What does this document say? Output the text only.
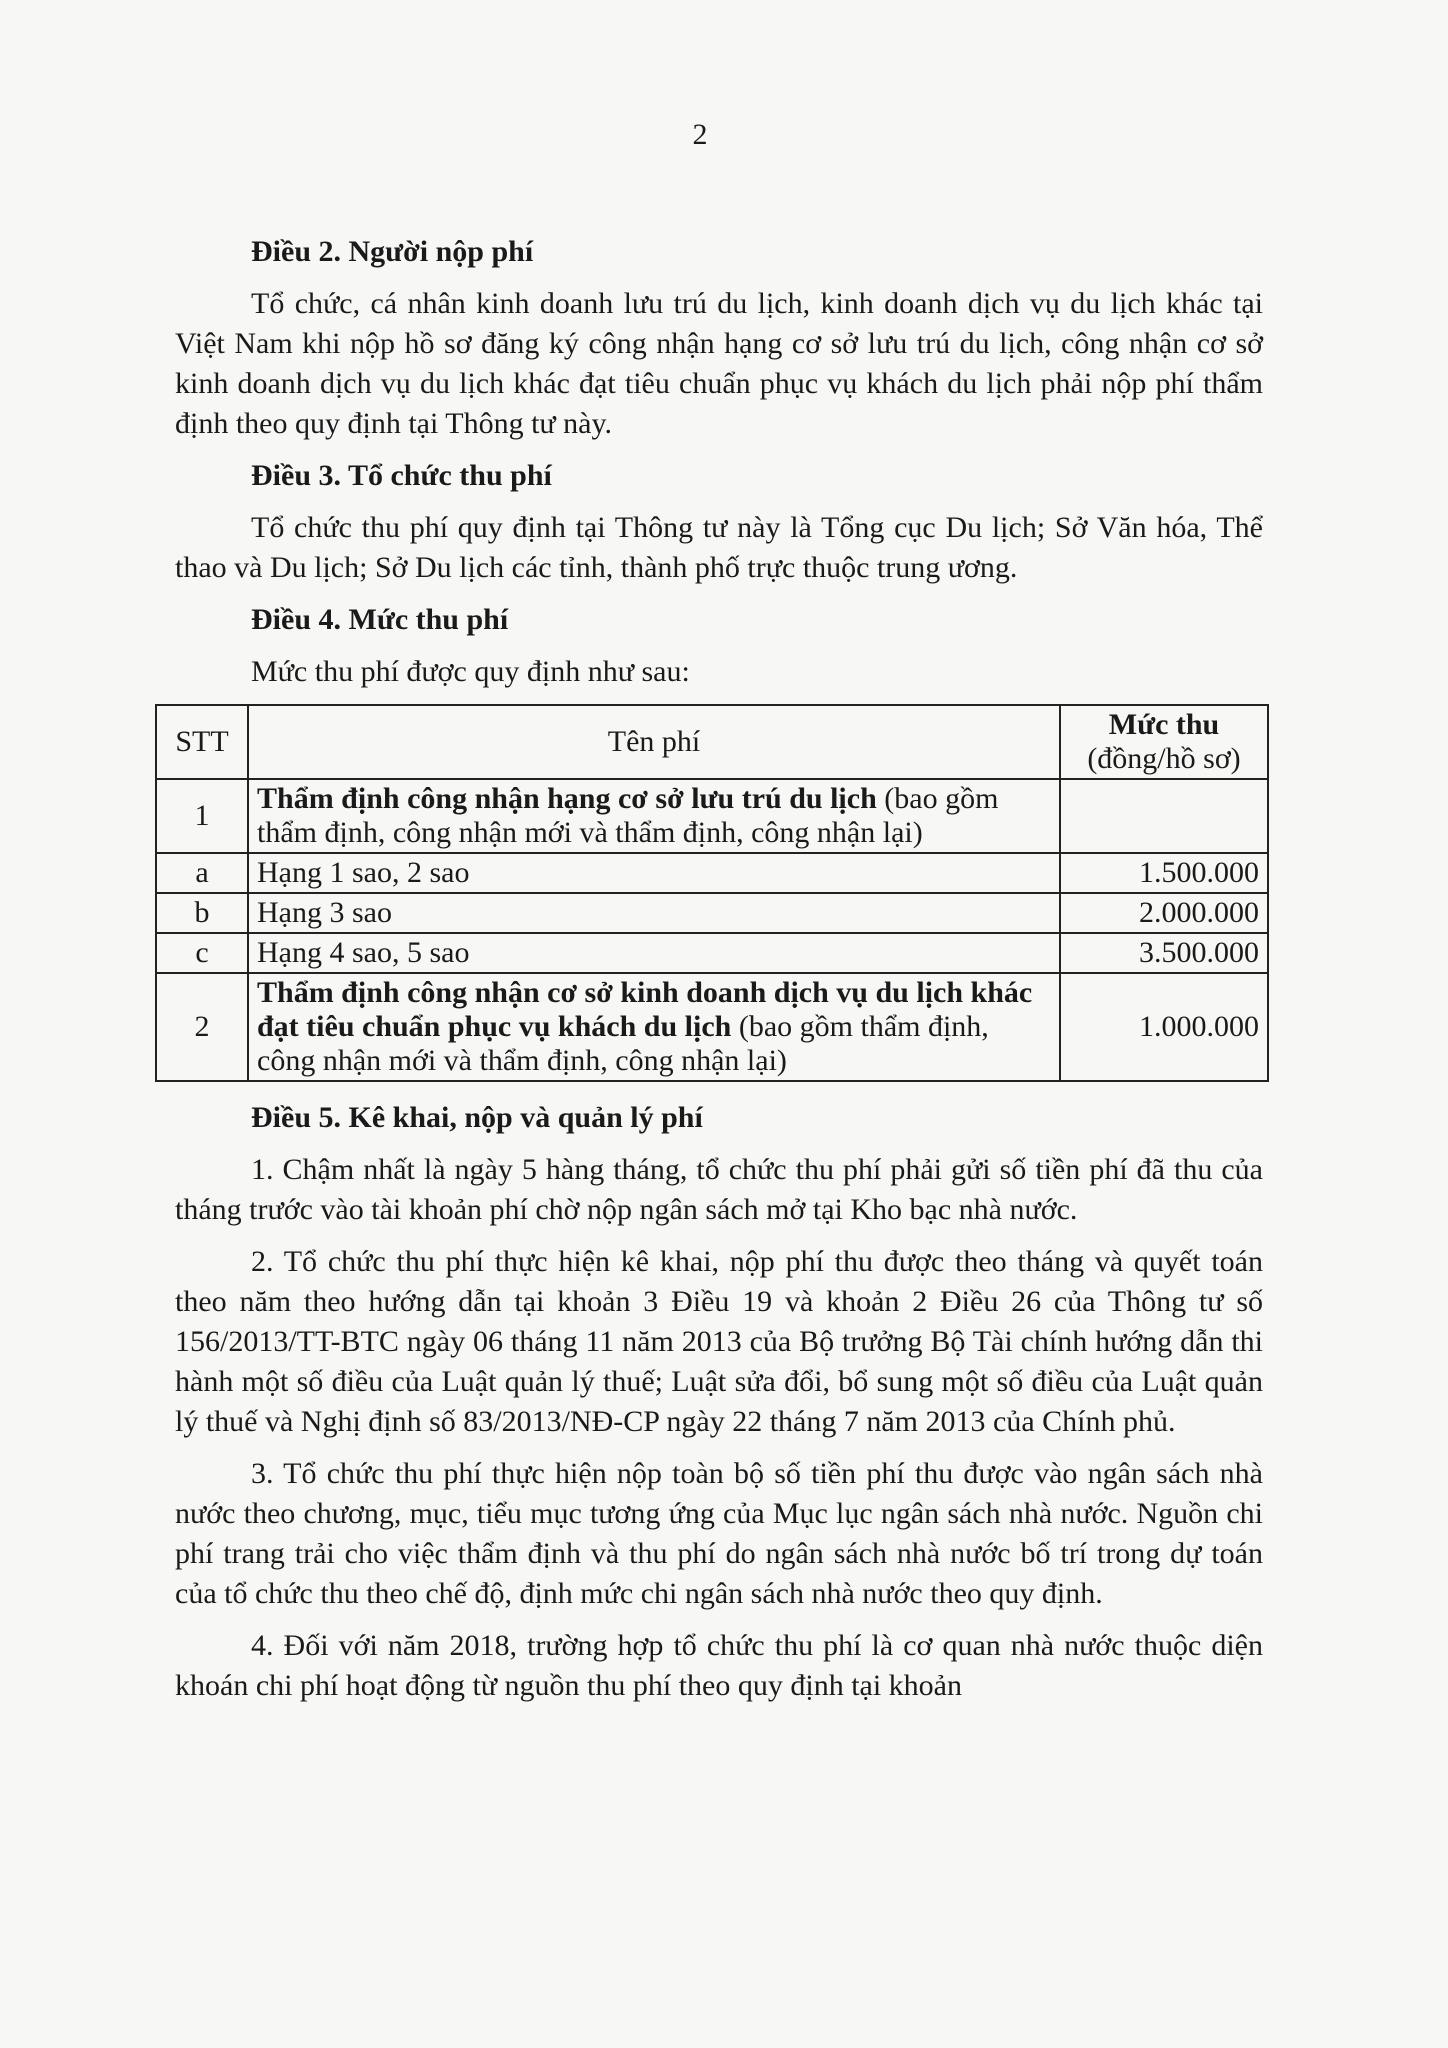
2
Điều 2. Người nộp phí

Tổ chức, cá nhân kinh doanh lưu trú du lịch, kinh doanh dịch vụ du lịch khác tại Việt Nam khi nộp hồ sơ đăng ký công nhận hạng cơ sở lưu trú du lịch, công nhận cơ sở kinh doanh dịch vụ du lịch khác đạt tiêu chuẩn phục vụ khách du lịch phải nộp phí thẩm định theo quy định tại Thông tư này.

Điều 3. Tổ chức thu phí

Tổ chức thu phí quy định tại Thông tư này là Tổng cục Du lịch; Sở Văn hóa, Thể thao và Du lịch; Sở Du lịch các tỉnh, thành phố trực thuộc trung ương.

Điều 4. Mức thu phí

Mức thu phí được quy định như sau:

STT	Tên phí	Mức thu
(đồng/hồ sơ)

1	Thẩm định công nhận hạng cơ sở lưu trú du lịch (bao gồm thẩm định, công nhận mới và thẩm định, công nhận lại)	
a	Hạng 1 sao, 2 sao	1.500.000
b	Hạng 3 sao	2.000.000
c	Hạng 4 sao, 5 sao	3.500.000
2	Thẩm định công nhận cơ sở kinh doanh dịch vụ du lịch khác đạt tiêu chuẩn phục vụ khách du lịch (bao gồm thẩm định, công nhận mới và thẩm định, công nhận lại)	1.000.000
Điều 5. Kê khai, nộp và quản lý phí

1. Chậm nhất là ngày 5 hàng tháng, tổ chức thu phí phải gửi số tiền phí đã thu của tháng trước vào tài khoản phí chờ nộp ngân sách mở tại Kho bạc nhà nước.

2. Tổ chức thu phí thực hiện kê khai, nộp phí thu được theo tháng và quyết toán theo năm theo hướng dẫn tại khoản 3 Điều 19 và khoản 2 Điều 26 của Thông tư số 156/2013/TT-BTC ngày 06 tháng 11 năm 2013 của Bộ trưởng Bộ Tài chính hướng dẫn thi hành một số điều của Luật quản lý thuế; Luật sửa đổi, bổ sung một số điều của Luật quản lý thuế và Nghị định số 83/2013/NĐ-CP ngày 22 tháng 7 năm 2013 của Chính phủ.

3. Tổ chức thu phí thực hiện nộp toàn bộ số tiền phí thu được vào ngân sách nhà nước theo chương, mục, tiểu mục tương ứng của Mục lục ngân sách nhà nước. Nguồn chi phí trang trải cho việc thẩm định và thu phí do ngân sách nhà nước bố trí trong dự toán của tổ chức thu theo chế độ, định mức chi ngân sách nhà nước theo quy định.

4. Đối với năm 2018, trường hợp tổ chức thu phí là cơ quan nhà nước thuộc diện khoán chi phí hoạt động từ nguồn thu phí theo quy định tại khoản
